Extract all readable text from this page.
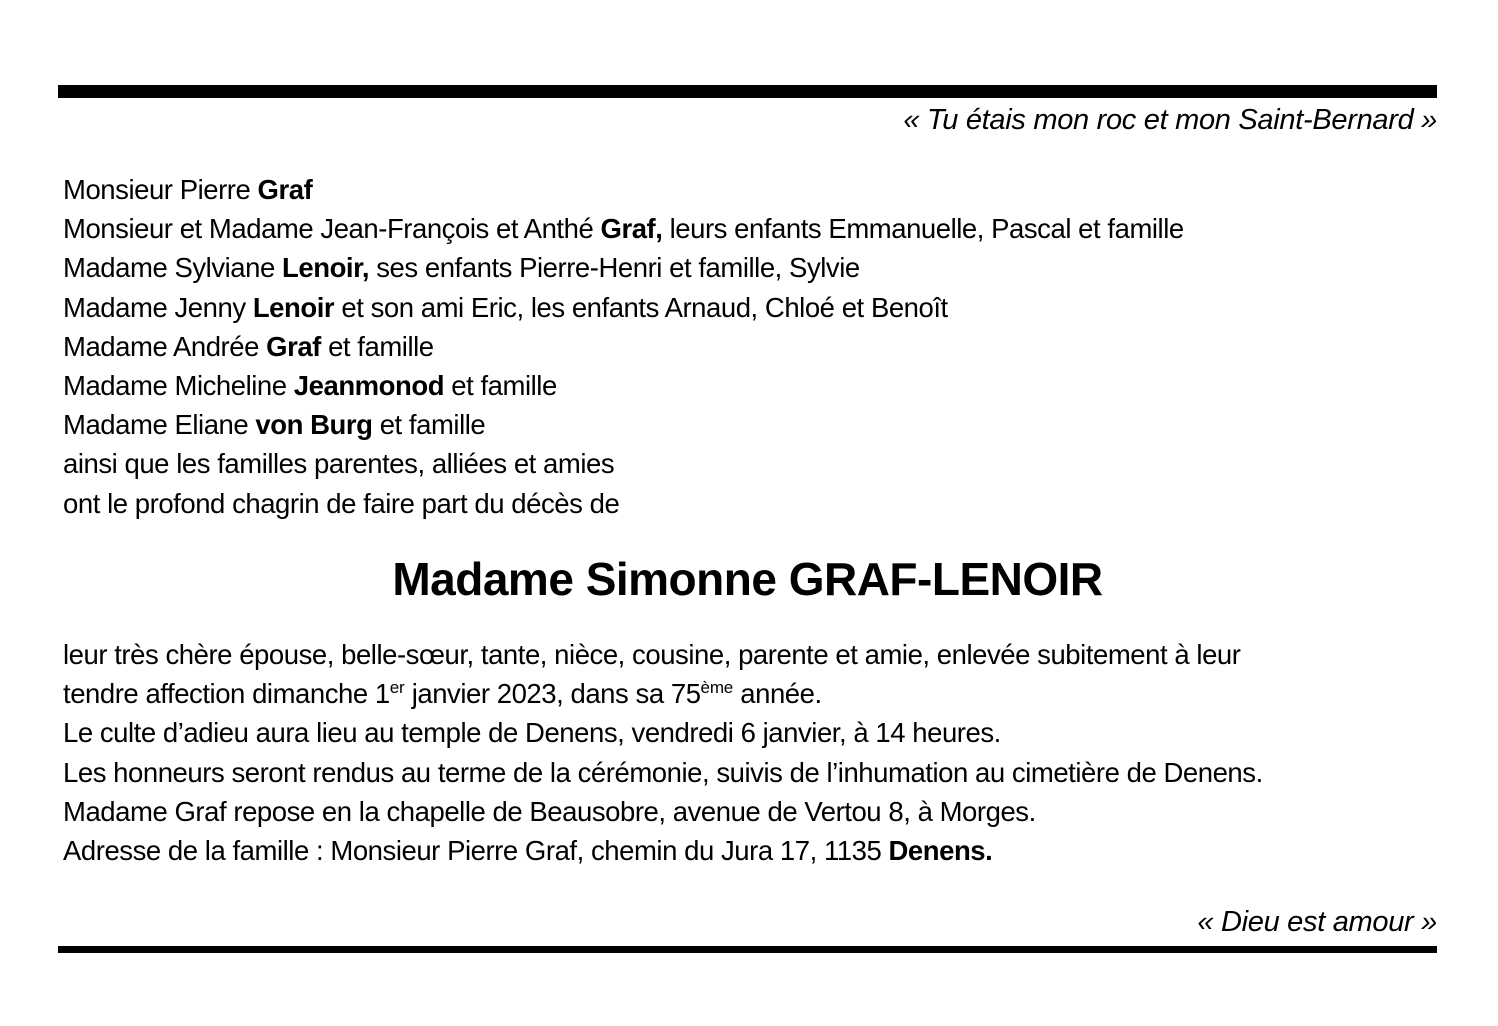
« Tu étais mon roc et mon Saint-Bernard »
Monsieur Pierre Graf
Monsieur et Madame Jean-François et Anthé Graf, leurs enfants Emmanuelle, Pascal et famille
Madame Sylviane Lenoir, ses enfants Pierre-Henri et famille, Sylvie
Madame Jenny Lenoir et son ami Eric, les enfants Arnaud, Chloé et Benoît
Madame Andrée Graf et famille
Madame Micheline Jeanmonod et famille
Madame Eliane von Burg et famille
ainsi que les familles parentes, alliées et amies
ont le profond chagrin de faire part du décès de
Madame Simonne GRAF-LENOIR
leur très chère épouse, belle-sœur, tante, nièce, cousine, parente et amie, enlevée subitement à leur
tendre affection dimanche 1er janvier 2023, dans sa 75ème année.
Le culte d’adieu aura lieu au temple de Denens, vendredi 6 janvier, à 14 heures.
Les honneurs seront rendus au terme de la cérémonie, suivis de l’inhumation au cimetière de Denens.
Madame Graf repose en la chapelle de Beausobre, avenue de Vertou 8, à Morges.
Adresse de la famille : Monsieur Pierre Graf, chemin du Jura 17, 1135 Denens.
« Dieu est amour »
